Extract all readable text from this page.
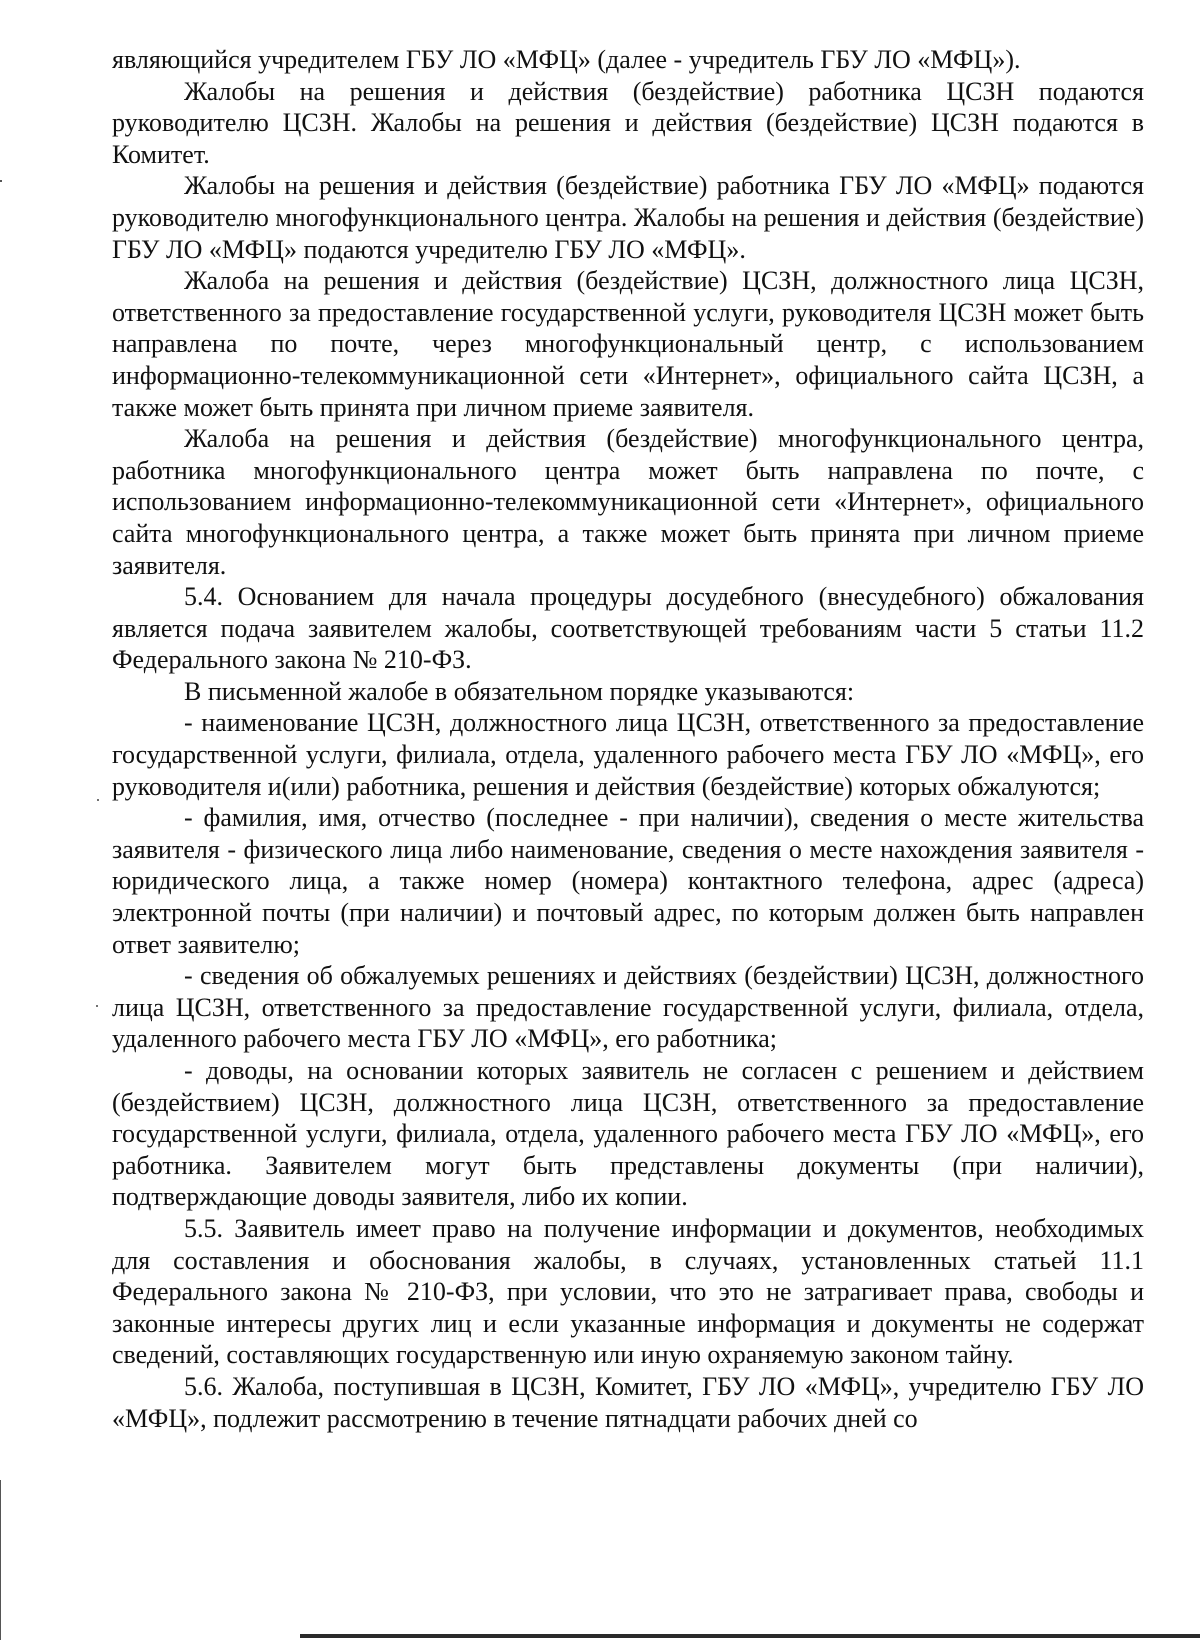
являющийся учредителем ГБУ ЛО «МФЦ» (далее - учредитель ГБУ ЛО «МФЦ»).

Жалобы на решения и действия (бездействие) работника ЦСЗН подаются руководителю ЦСЗН. Жалобы на решения и действия (бездействие) ЦСЗН подаются в Комитет.

Жалобы на решения и действия (бездействие) работника ГБУ ЛО «МФЦ» подаются руководителю многофункционального центра. Жалобы на решения и действия (бездействие) ГБУ ЛО «МФЦ» подаются учредителю ГБУ ЛО «МФЦ».

Жалоба на решения и действия (бездействие) ЦСЗН, должностного лица ЦСЗН, ответственного за предоставление государственной услуги, руководителя ЦСЗН может быть направлена по почте, через многофункциональный центр, с использованием информационно-телекоммуникационной сети «Интернет», официального сайта ЦСЗН, а также может быть принята при личном приеме заявителя.

Жалоба на решения и действия (бездействие) многофункционального центра, работника многофункционального центра может быть направлена по почте, с использованием информационно-телекоммуникационной сети «Интернет», официального сайта многофункционального центра, а также может быть принята при личном приеме заявителя.

5.4. Основанием для начала процедуры досудебного (внесудебного) обжалования является подача заявителем жалобы, соответствующей требованиям части 5 статьи 11.2 Федерального закона № 210-ФЗ.

В письменной жалобе в обязательном порядке указываются:

- наименование ЦСЗН, должностного лица ЦСЗН, ответственного за предоставление государственной услуги, филиала, отдела, удаленного рабочего места ГБУ ЛО «МФЦ», его руководителя и(или) работника, решения и действия (бездействие) которых обжалуются;

- фамилия, имя, отчество (последнее - при наличии), сведения о месте жительства заявителя - физического лица либо наименование, сведения о месте нахождения заявителя - юридического лица, а также номер (номера) контактного телефона, адрес (адреса) электронной почты (при наличии) и почтовый адрес, по которым должен быть направлен ответ заявителю;

- сведения об обжалуемых решениях и действиях (бездействии) ЦСЗН, должностного лица ЦСЗН, ответственного за предоставление государственной услуги, филиала, отдела, удаленного рабочего места ГБУ ЛО «МФЦ», его работника;

- доводы, на основании которых заявитель не согласен с решением и действием (бездействием) ЦСЗН, должностного лица ЦСЗН, ответственного за предоставление государственной услуги, филиала, отдела, удаленного рабочего места ГБУ ЛО «МФЦ», его работника. Заявителем могут быть представлены документы (при наличии), подтверждающие доводы заявителя, либо их копии.

5.5. Заявитель имеет право на получение информации и документов, необходимых для составления и обоснования жалобы, в случаях, установленных статьей 11.1 Федерального закона № 210-ФЗ, при условии, что это не затрагивает права, свободы и законные интересы других лиц и если указанные информация и документы не содержат сведений, составляющих государственную или иную охраняемую законом тайну.

5.6. Жалоба, поступившая в ЦСЗН, Комитет, ГБУ ЛО «МФЦ», учредителю ГБУ ЛО «МФЦ», подлежит рассмотрению в течение пятнадцати рабочих дней со
